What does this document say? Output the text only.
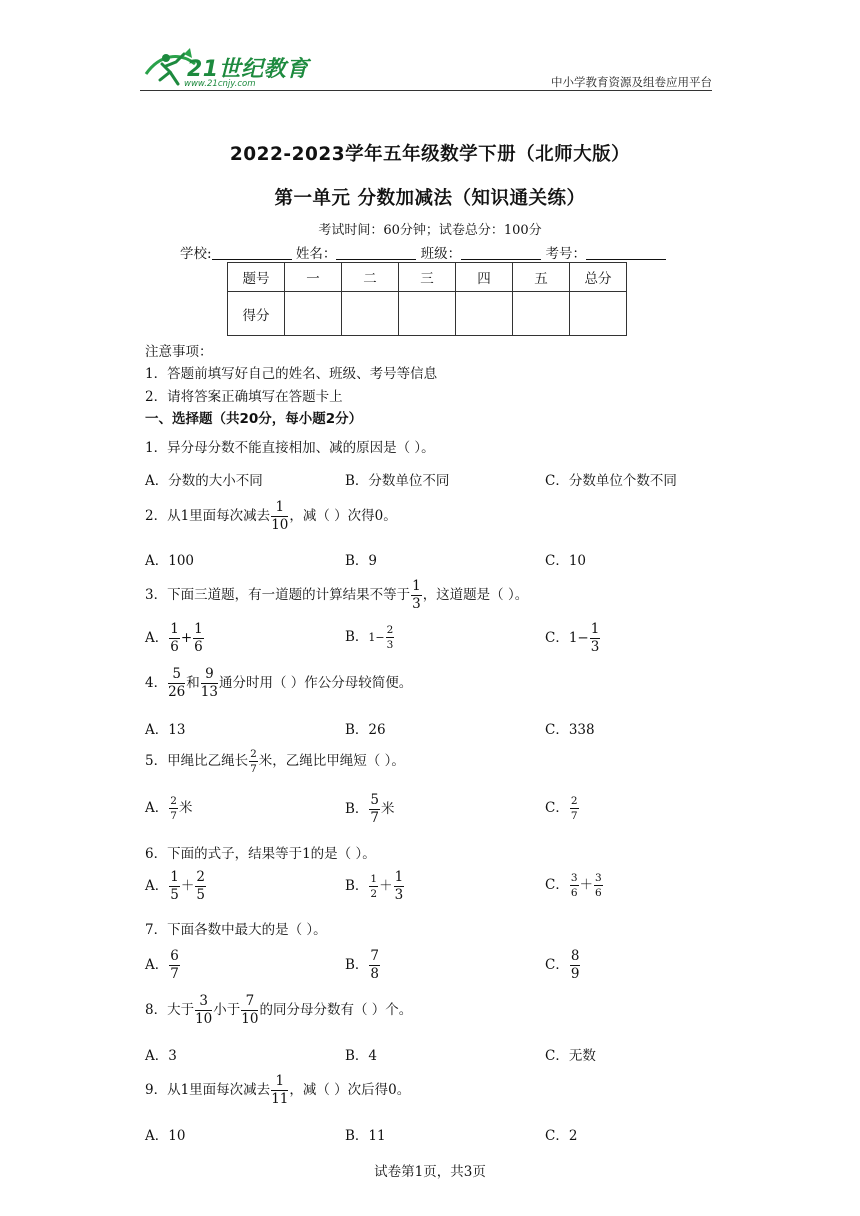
21世纪教育
www.21cnjy.com	中小学教育资源及组卷应用平台
2022-2023学年五年级数学下册（北师大版）
第一单元 分数加减法（知识通关练）
考试时间：60分钟；试卷总分：100分
学校:	姓名：	班级：	考号：
题号	一	二	三	四	五	总分
得分						
注意事项：
1．答题前填写好自己的姓名、班级、考号等信息
2．请将答案正确填写在答题卡上
一、选择题（共20分，每小题2分）
1．异分母分数不能直接相加、减的原因是（ ）。
A．分数的大小不同	B．分数单位不同	C．分数单位个数不同
2．从1里面每次减去 $\frac{1}{10}$ ，减（ ）次得0。
A．100	B．9	C．10
3．下面三道题，有一道题的计算结果不等于 $\frac{1}{3}$ ，这道题是（ ）。
A． $\frac{1}{6} + \frac{1}{6}$	B．$1- \frac{2}{3}$	C．$1- \frac{1}{3}$
4． $\frac{5}{26}$ 和 $\frac{9}{13}$ 通分时用（ ）作公分母较简便。
A．13	B．26	C．338
5．甲绳比乙绳长 $\frac{2}{7}$ 米，乙绳比甲绳短（ ）。
A． $\frac{2}{7}$ 米	B． $\frac{5}{7}$ 米	C． $\frac{2}{7}$
6．下面的式子，结果等于1的是（ ）。
A． $\frac{1}{5} + \frac{2}{5}$	B． $\frac{1}{2} + \frac{1}{3}$	C． $\frac{3}{6} + \frac{3}{6}$
7．下面各数中最大的是（ ）。
A． $\frac{6}{7}$	B． $\frac{7}{8}$	C． $\frac{8}{9}$
8．大于 $\frac{3}{10}$ 小于 $\frac{7}{10}$ 的同分母分数有（ ）个。
A．3	B．4	C．无数
9．从1里面每次减去 $\frac{1}{11}$ ，减（ ）次后得0。
A．10	B．11	C．2
试卷第1页，共3页
